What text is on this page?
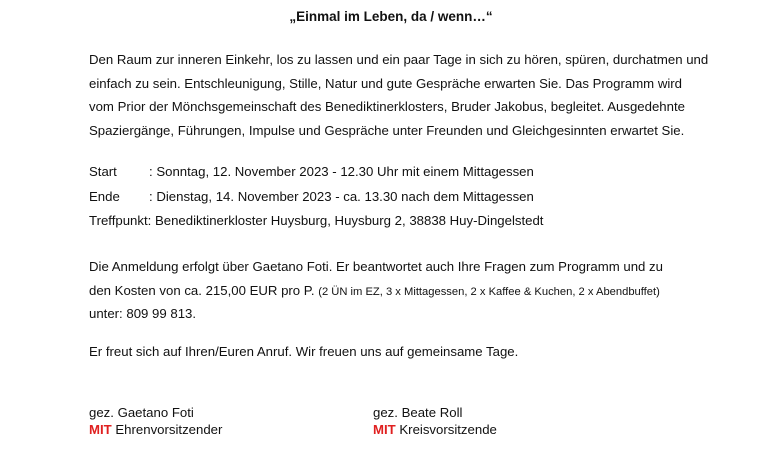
„Einmal im Leben, da / wenn…“
Den Raum zur inneren Einkehr, los zu lassen und ein paar Tage in sich zu hören, spüren, durchatmen und
einfach zu sein. Entschleunigung, Stille, Natur und gute Gespräche erwarten Sie. Das Programm wird
vom Prior der Mönchsgemeinschaft des Benediktinerklosters, Bruder Jakobus, begleitet. Ausgedehnte
Spaziergänge, Führungen, Impulse und Gespräche unter Freunden und Gleichgesinnten erwartet Sie.
Start : Sonntag, 12. November 2023 - 12.30 Uhr mit einem Mittagessen
Ende : Dienstag, 14. November 2023 - ca. 13.30 nach dem Mittagessen
Treffpunkt: Benediktinerkloster Huysburg, Huysburg 2, 38838 Huy-Dingelstedt
Die Anmeldung erfolgt über Gaetano Foti. Er beantwortet auch Ihre Fragen zum Programm und zu
den Kosten von ca. 215,00 EUR pro P. (2 ÜN im EZ, 3 x Mittagessen, 2 x Kaffee & Kuchen, 2 x Abendbuffet)
unter: 809 99 813.
Er freut sich auf Ihren/Euren Anruf. Wir freuen uns auf gemeinsame Tage.
gez. Gaetano Foti
MIT Ehrenvorsitzender
gez. Beate Roll
MIT Kreisvorsitzende
